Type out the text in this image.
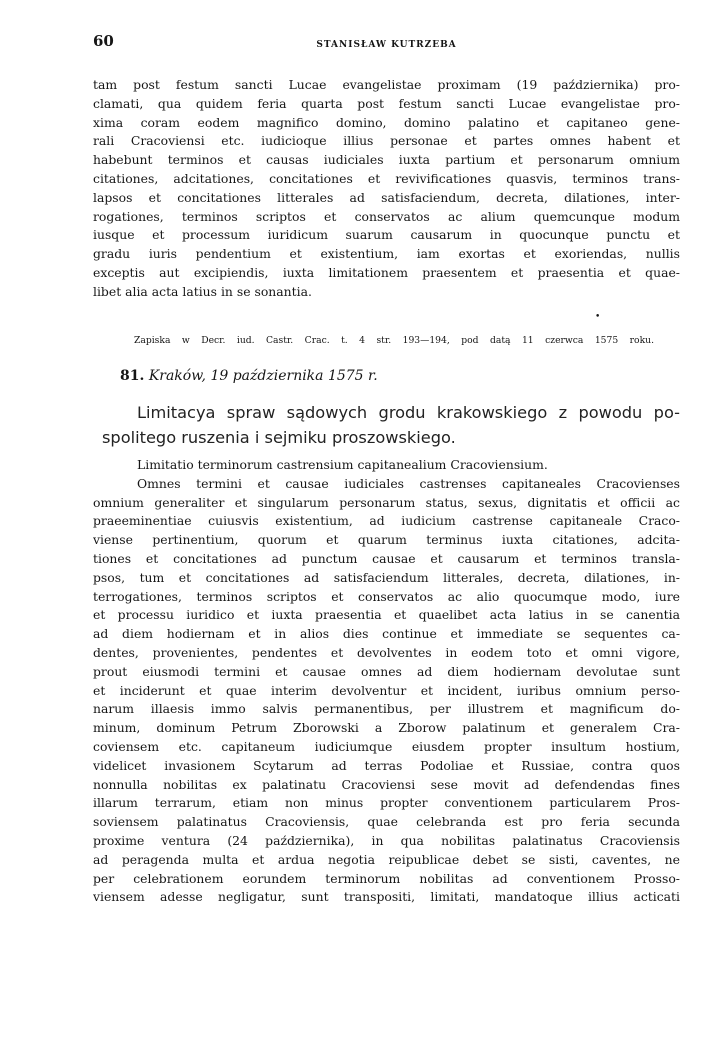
60	STANISŁAW KUTRZEBA
tam post festum sancti Lucae evangelistae proximam (19 października) pro-
clamati, qua quidem feria quarta post festum sancti Lucae evangelistae pro-
xima coram eodem magnifico domino, domino palatino et capitaneo gene-
rali Cracoviensi etc. iudicioque illius personae et partes omnes habent et
habebunt terminos et causas iudiciales iuxta partium et personarum omnium
citationes, adcitationes, concitationes et revivificationes quasvis, terminos trans-
lapsos et concitationes litterales ad satisfaciendum, decreta, dilationes, inter-
rogationes, terminos scriptos et conservatos ac alium quemcunque modum
iusque et processum iuridicum suarum causarum in quocunque punctu et
gradu iuris pendentium et existentium, iam exortas et exoriendas, nullis
exceptis aut excipiendis, iuxta limitationem praesentem et praesentia et quae-
libet alia acta latius in se sonantia.
•
Zapiska w Decr. iud. Castr. Crac. t. 4 str. 193—194, pod datą 11 czerwca 1575 roku.
81. Kraków, 19 października 1575 r.
Limitacya spraw sądowych grodu krakowskiego z powodu po-
spolitego ruszenia i sejmiku proszowskiego.
Limitatio terminorum castrensium capitanealium Cracoviensium.
Omnes termini et causae iudiciales castrenses capitaneales Cracovienses
omnium generaliter et singularum personarum status, sexus, dignitatis et officii ac
praeeminentiae cuiusvis existentium, ad iudicium castrense capitaneale Craco-
viense pertinentium, quorum et quarum terminus iuxta citationes, adcita-
tiones et concitationes ad punctum causae et causarum et terminos transla-
psos, tum et concitationes ad satisfaciendum litterales, decreta, dilationes, in-
terrogationes, terminos scriptos et conservatos ac alio quocumque modo, iure
et processu iuridico et iuxta praesentia et quaelibet acta latius in se canentia
ad diem hodiernam et in alios dies continue et immediate se sequentes ca-
dentes, provenientes, pendentes et devolventes in eodem toto et omni vigore,
prout eiusmodi termini et causae omnes ad diem hodiernam devolutae sunt
et inciderunt et quae interim devolventur et incident, iuribus omnium perso-
narum illaesis immo salvis permanentibus, per illustrem et magnificum do-
minum, dominum Petrum Zborowski a Zborow palatinum et generalem Cra-
coviensem etc. capitaneum iudiciumque eiusdem propter insultum hostium,
videlicet invasionem Scytarum ad terras Podoliae et Russiae, contra quos
nonnulla nobilitas ex palatinatu Cracoviensi sese movit ad defendendas fines
illarum terrarum, etiam non minus propter conventionem particularem Pros-
soviensem palatinatus Cracoviensis, quae celebranda est pro feria secunda
proxime ventura (24 października), in qua nobilitas palatinatus Cracoviensis
ad peragenda multa et ardua negotia reipublicae debet se sisti, caventes, ne
per celebrationem eorundem terminorum nobilitas ad conventionem Prosso-
viensem adesse negligatur, sunt transpositi, limitati, mandatoque illius acticati
